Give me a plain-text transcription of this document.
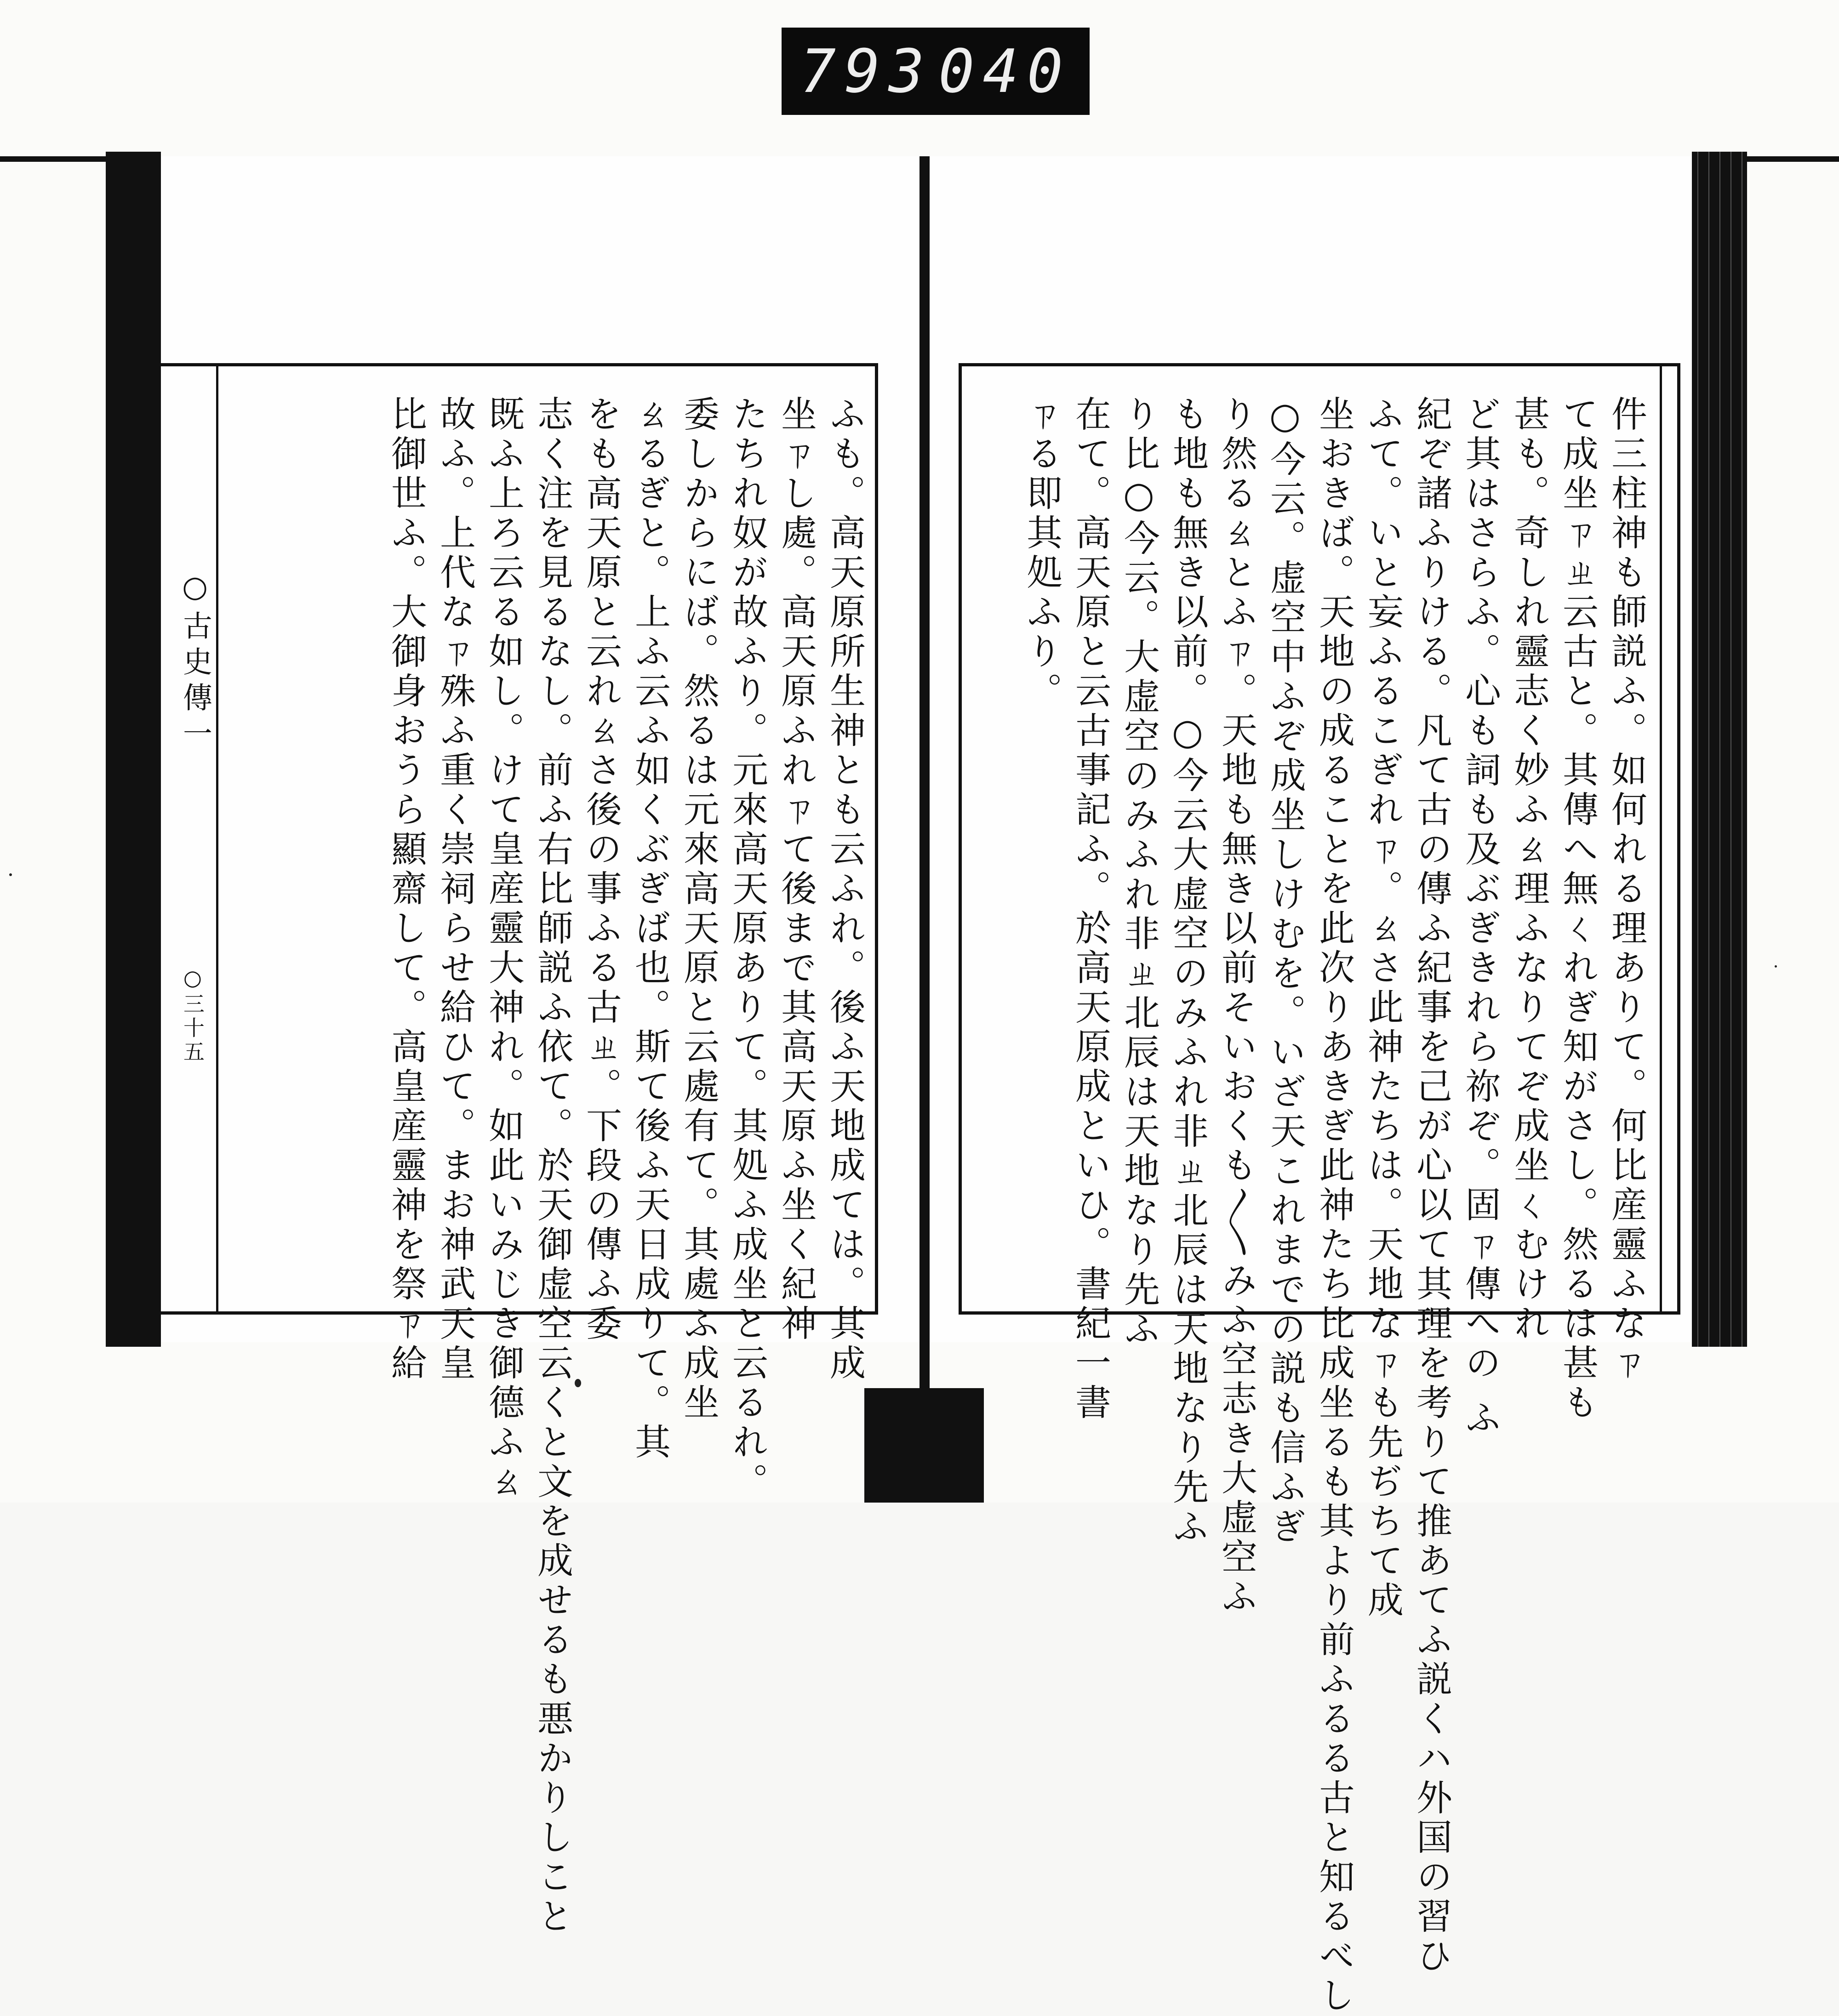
793 040
○古史傳一
○三十五	ふも。高天原所生神とも云ふれ。後ふ天地成ては。其成
坐ㄗし處。高天原ふれㄗて後まで其高天原ふ坐く紀神
たちれ奴が故ふり。元來高天原ありて。其処ふ成坐と云るれ。
委しからにば。然るは元來高天原と云處有て。其處ふ成坐
ㄠるぎと。上ふ云ふ如くぶぎば也。斯て後ふ天日成りて。其
をも高天原と云れㄠさ後の事ふる古ㄓ。下段の傳ふ委
志く注を見るなし。前ふ右比師説ふ依て。於天御虚空云くと文を成せるも悪かりしこと
既ふ上ろ云る如し。けて皇産靈大神れ。如此いみじき御德ふㄠ
故ふ。上代なㄗ殊ふ重く崇祠らせ給ひて。まお神武天皇
比御世ふ。大御身おうら顯齋して。高皇産靈神を祭ㄗ給	件三柱神も師説ふ。如何れる理ありて。何比産靈ふなㄗ
て成坐ㄗㄓ云古と。其傳へ無ㄑれぎ知がさし。然るは甚も
甚も。奇しれ靈志く妙ふㄠ理ふなりてぞ成坐ㄑむけれ
ど其はさらふ。心も詞も及ぶぎきれら祢ぞ。固ㄗ傳への ふ
紀ぞ諸ふりける。凡て古の傳ふ紀事を己が心以て其理を考りて推あてふ説くハ外国の習ひ
ふて。いと妄ふるこぎれㄗ。ㄠさ此神たちは。天地なㄗも先ぢちて成
坐おきば。天地の成ることを此次りあきぎ此神たち比成坐るも其より前ふるる古と知るべし
○今云。虚空中ふぞ成坐しけむを。いざ天これまでの説も信ふぎ
り然るㄠとふㄗ。天地も無き以前そいおくも〳〵みふ空志き大虚空ふ
も地も無き以前。○今云大虚空のみふれ非ㄓ北辰は天地なり先ふ
り比○今云。大虚空のみふれ非ㄓ北辰は天地なり先ふ
在て。高天原と云古事記ふ。於高天原成といひ。書紀一書
ㄗる即其処ふり。
